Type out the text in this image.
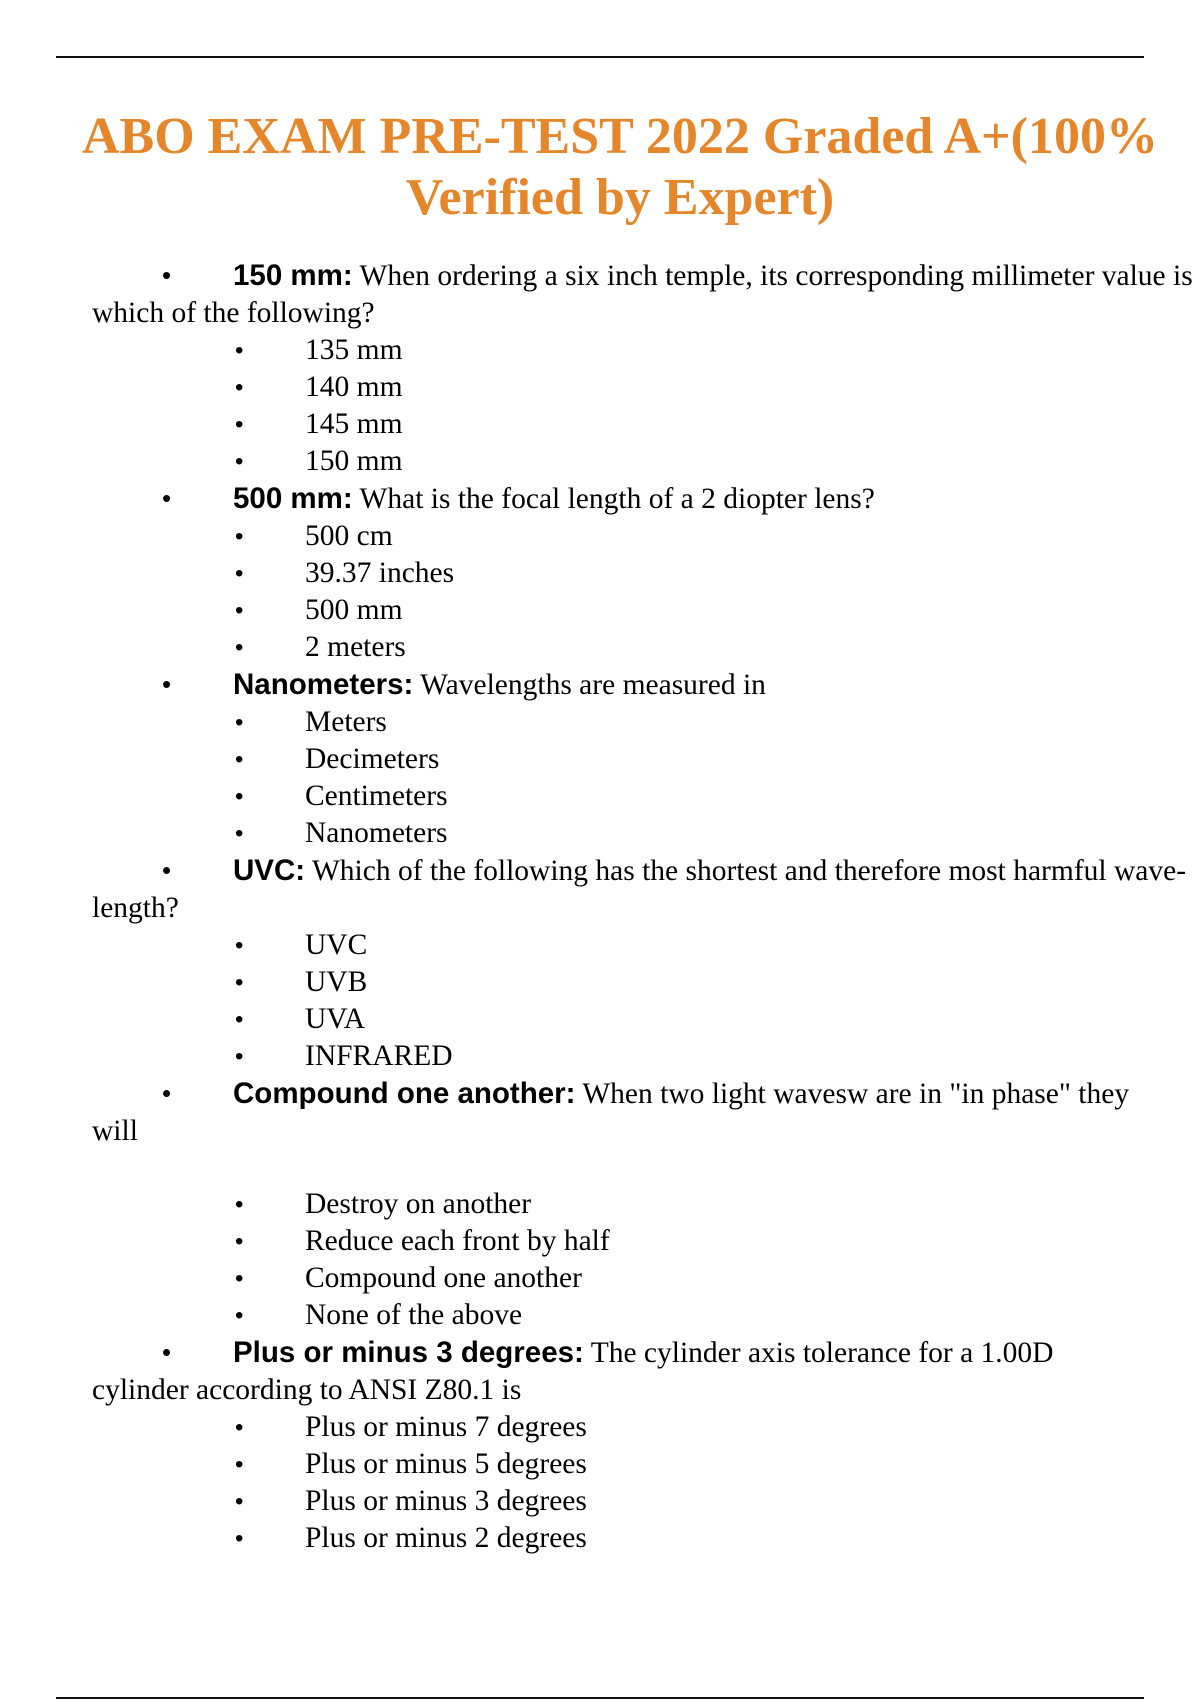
ABO EXAM PRE-TEST 2022 Graded A+(100%
Verified by Expert)
• 150 mm: When ordering a six inch temple, its corresponding millimeter value is which of the following?
• 135 mm
• 140 mm
• 145 mm
• 150 mm
• 500 mm: What is the focal length of a 2 diopter lens?
• 500 cm
• 39.37 inches
• 500 mm
• 2 meters
• Nanometers: Wavelengths are measured in
• Meters
• Decimeters
• Centimeters
• Nanometers
• UVC: Which of the following has the shortest and therefore most harmful wave- length?
• UVC
• UVB
• UVA
• INFRARED
• Compound one another: When two light wavesw are in "in phase" they
will
• Destroy on another
• Reduce each front by half
• Compound one another
• None of the above
• Plus or minus 3 degrees: The cylinder axis tolerance for a 1.00D cylinder according to ANSI Z80.1 is
• Plus or minus 7 degrees
• Plus or minus 5 degrees
• Plus or minus 3 degrees
• Plus or minus 2 degrees
